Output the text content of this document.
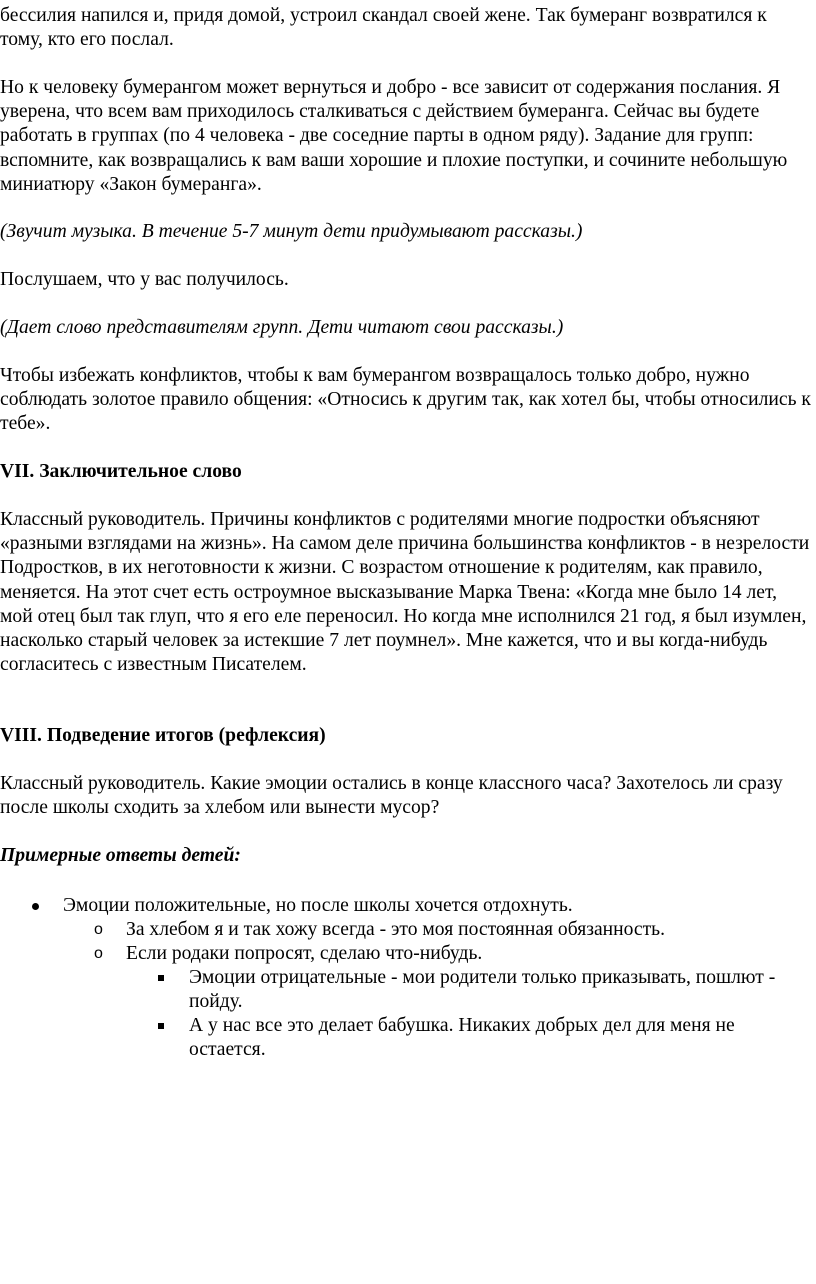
бессилия напился и, придя домой, устроил скандал своей жене. Так бумеранг возвратился к тому, кто его послал.

Но к человеку бумерангом может вернуться и добро - все зависит от содержания послания. Я уверена, что всем вам приходилось сталкиваться с действием бумеранга. Сейчас вы будете работать в группах (по 4 человека - две соседние парты в одном ряду). Задание для групп: вспомните, как возвращались к вам ваши хорошие и плохие поступки, и сочините небольшую миниатюру «Закон бумеранга».

(Звучит музыка. В течение 5-7 минут дети придумывают рассказы.)

Послушаем, что у вас получилось.

(Дает слово представителям групп. Дети читают свои рассказы.)

Чтобы избежать конфликтов, чтобы к вам бумерангом возвращалось только добро, нужно соблюдать золотое правило общения: «Относись к другим так, как хотел бы, чтобы относились к тебе».

VII. Заключительное слово

Классный руководитель. Причины конфликтов с родителями многие подростки объясняют «разными взглядами на жизнь». На самом деле причина большинства конфликтов - в незрелости Подростков, в их неготовности к жизни. С возрастом отношение к родителям, как правило, меняется. На этот счет есть остроумное высказывание Марка Твена: «Когда мне было 14 лет, мой отец был так глуп, что я его еле переносил. Но когда мне исполнился 21 год, я был изумлен, насколько старый человек за истекшие 7 лет поумнел». Мне кажется, что и вы когда-нибудь согласитесь с известным Писателем.

VIII. Подведение итогов (рефлексия)

Классный руководитель. Какие эмоции остались в конце классного часа? Захотелось ли сразу после школы сходить за хлебом или вынести мусор?

Примерные ответы детей:

Эмоции положительные, но после школы хочется отдохнуть.
o За хлебом я и так хожу всегда - это моя постоянная обязанность.
o Если родаки попросят, сделаю что-нибудь.
Эмоции отрицательные - мои родители только приказывать, пошлют - пойду.
А у нас все это делает бабушка. Никаких добрых дел для меня не остается.
